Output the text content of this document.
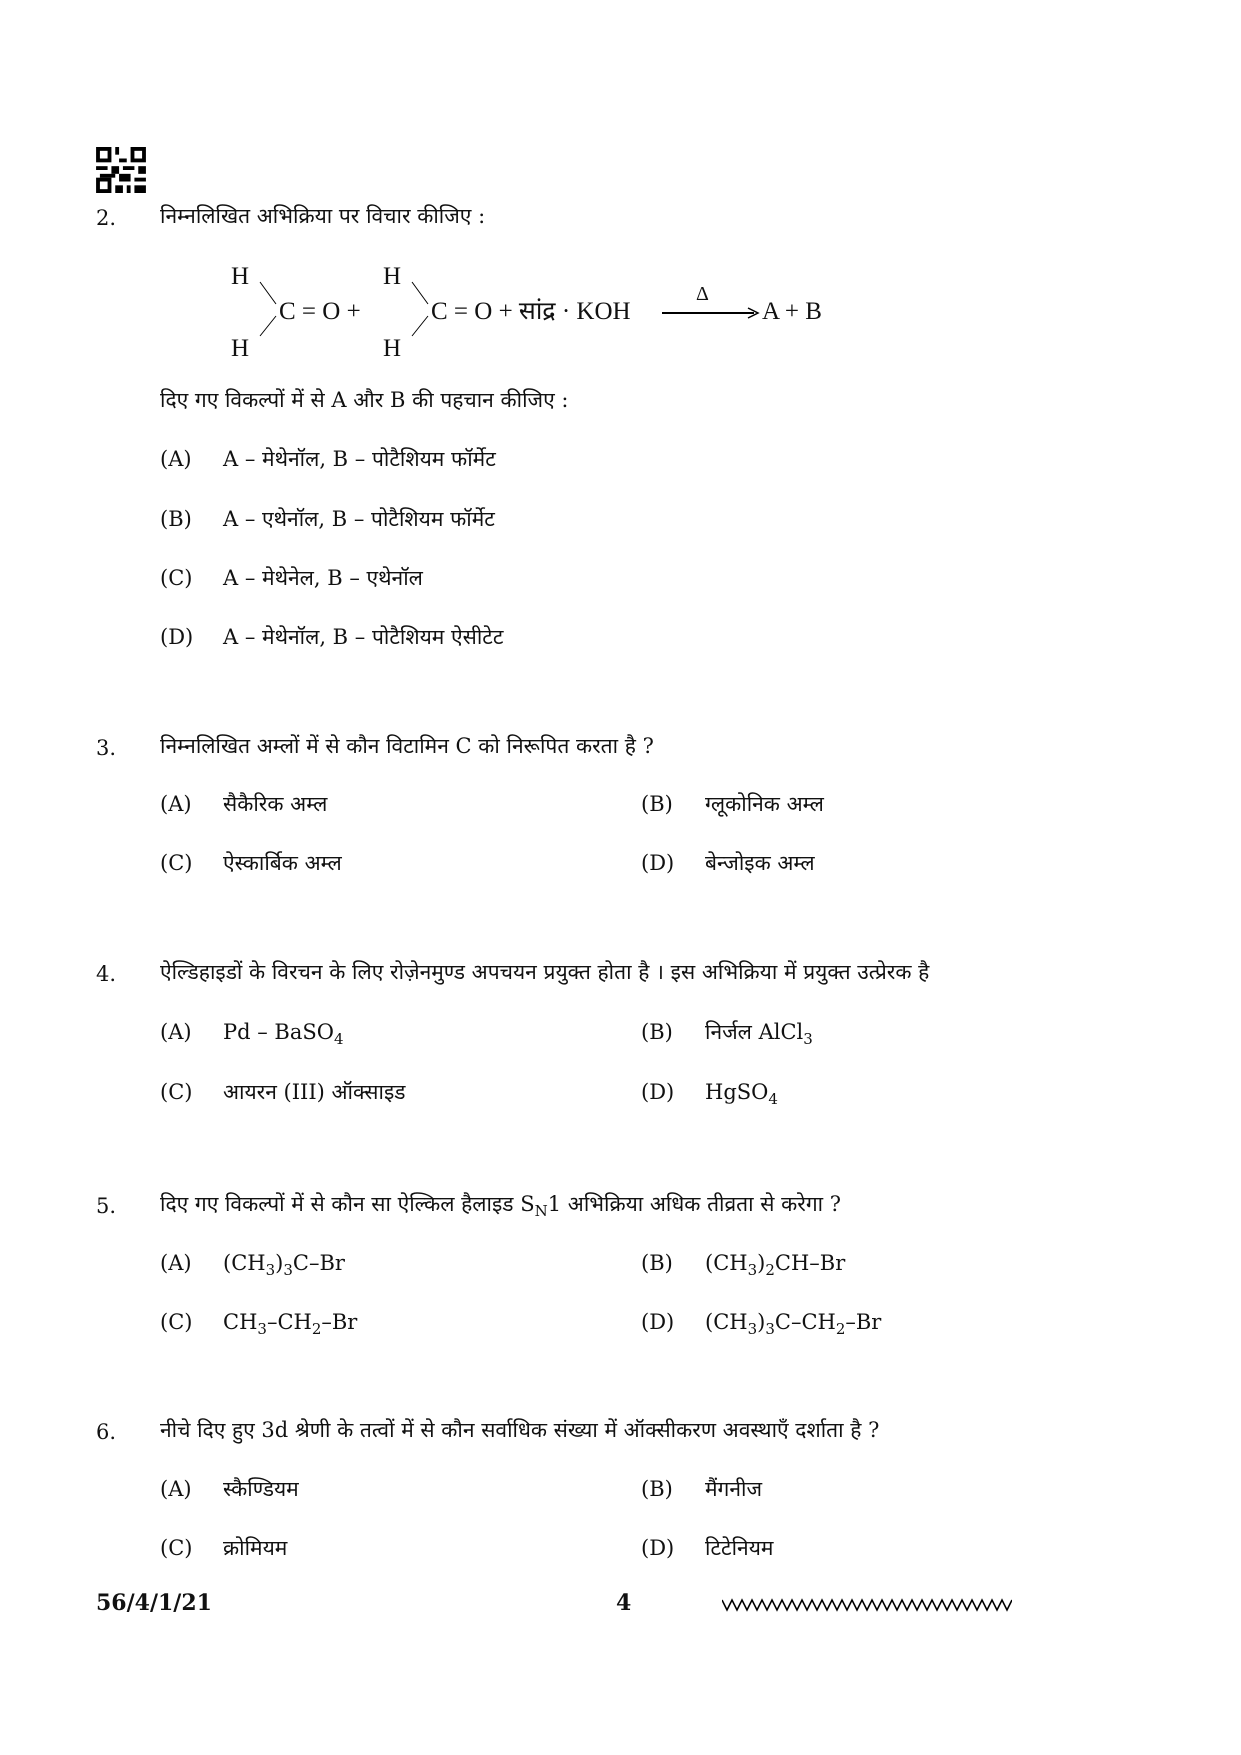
2. निम्नलिखित अभिक्रिया पर विचार कीजिए :
H
H
H
H
C = O +	C = O + सांद्र · KOH
Δ
A + B
दिए गए विकल्पों में से A और B की पहचान कीजिए :
(A) A – मेथेनॉल, B – पोटैशियम फॉर्मेट
(B) A – एथेनॉल, B – पोटैशियम फॉर्मेट
(C) A – मेथेनेल, B – एथेनॉल
(D) A – मेथेनॉल, B – पोटैशियम ऐसीटेट
3. निम्नलिखित अम्लों में से कौन विटामिन C को निरूपित करता है ?
(A) सैकैरिक अम्ल	(B) ग्लूकोनिक अम्ल
(C) ऐस्कार्बिक अम्ल	(D) बेन्जोइक अम्ल
4. ऐल्डिहाइडों के विरचन के लिए रोज़ेनमुण्ड अपचयन प्रयुक्त होता है । इस अभिक्रिया में प्रयुक्त उत्प्रेरक है
(A) Pd – BaSO$_4$	(B) निर्जल AlCl$_3$
(C) आयरन (III) ऑक्साइड	(D) HgSO$_4$
5. दिए गए विकल्पों में से कौन सा ऐल्किल हैलाइड $S_N1$ अभिक्रिया अधिक तीव्रता से करेगा ?
(A) $(CH_3)_3C-Br$	(B) $(CH_3)_2CH-Br$
(C) $CH_3-CH_2-Br$	(D) $(CH_3)_3C-CH_2-Br$
6. नीचे दिए हुए 3d श्रेणी के तत्वों में से कौन सर्वाधिक संख्या में ऑक्सीकरण अवस्थाएँ दर्शाता है ?
(A) स्कैण्डियम	(B) मैंगनीज
(C) क्रोमियम	(D) टिटेनियम
56/4/1/21	4
